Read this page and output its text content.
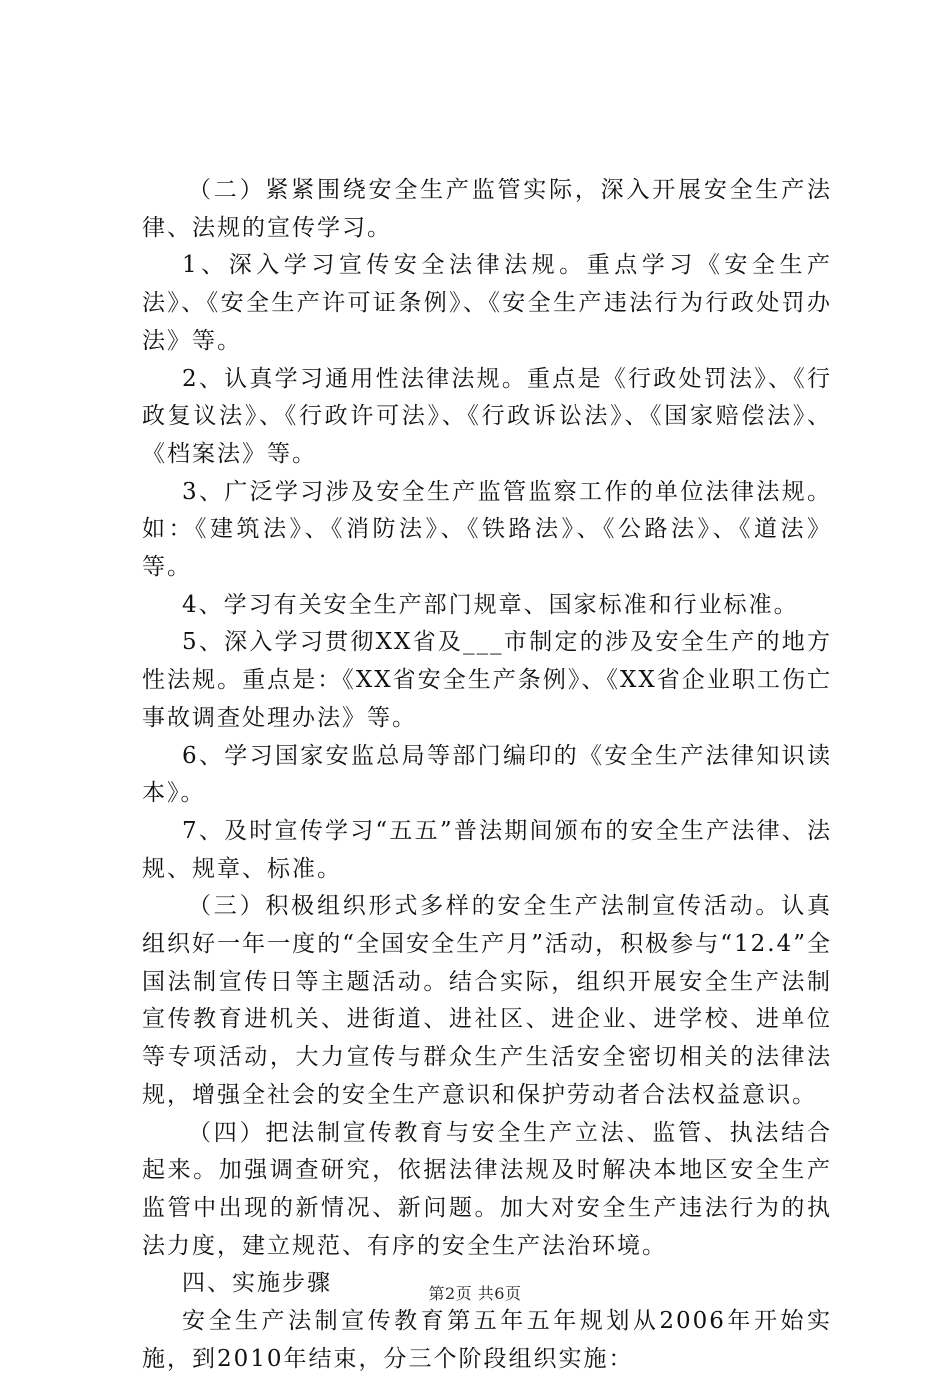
（二）紧紧围绕安全生产监管实际，深入开展安全生产法律、法规的宣传学习。

1、深入学习宣传安全法律法规。重点学习《安全生产法》、《安全生产许可证条例》、《安全生产违法行为行政处罚办法》等。

2、认真学习通用性法律法规。重点是《行政处罚法》、《行政复议法》、《行政许可法》、《行政诉讼法》、《国家赔偿法》、《档案法》等。

3、广泛学习涉及安全生产监管监察工作的单位法律法规。如：《建筑法》、《消防法》、《铁路法》、《公路法》、《道法》等。

4、学习有关安全生产部门规章、国家标准和行业标准。

5、深入学习贯彻XX省及___市制定的涉及安全生产的地方性法规。重点是：《XX省安全生产条例》、《XX省企业职工伤亡事故调查处理办法》等。

6、学习国家安监总局等部门编印的《安全生产法律知识读本》。

7、及时宣传学习“五五”普法期间颁布的安全生产法律、法规、规章、标准。

（三）积极组织形式多样的安全生产法制宣传活动。认真组织好一年一度的“全国安全生产月”活动，积极参与“12.4”全国法制宣传日等主题活动。结合实际，组织开展安全生产法制宣传教育进机关、进街道、进社区、进企业、进学校、进单位等专项活动，大力宣传与群众生产生活安全密切相关的法律法规，增强全社会的安全生产意识和保护劳动者合法权益意识。

（四）把法制宣传教育与安全生产立法、监管、执法结合起来。加强调查研究，依据法律法规及时解决本地区安全生产监管中出现的新情况、新问题。加大对安全生产违法行为的执法力度，建立规范、有序的安全生产法治环境。

四、实施步骤

安全生产法制宣传教育第五年五年规划从2006年开始实施，到2010年结束，分三个阶段组织实施：

第2页 共6页
